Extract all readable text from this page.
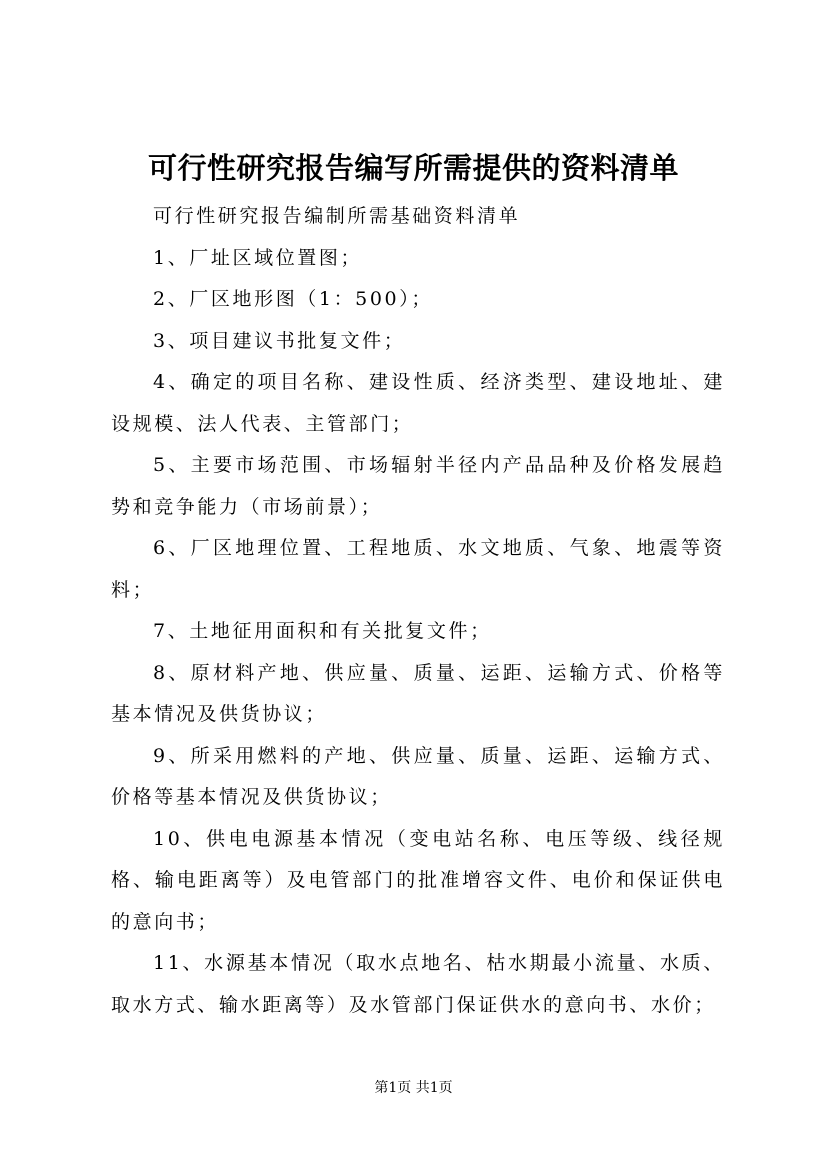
可行性研究报告编写所需提供的资料清单

可行性研究报告编制所需基础资料清单

1、厂址区域位置图；

2、厂区地形图（1：500）；

3、项目建议书批复文件；

4、确定的项目名称、建设性质、经济类型、建设地址、建设规模、法人代表、主管部门；

5、主要市场范围、市场辐射半径内产品品种及价格发展趋势和竞争能力（市场前景）；

6、厂区地理位置、工程地质、水文地质、气象、地震等资料；

7、土地征用面积和有关批复文件；

8、原材料产地、供应量、质量、运距、运输方式、价格等基本情况及供货协议；

9、所采用燃料的产地、供应量、质量、运距、运输方式、价格等基本情况及供货协议；

10、供电电源基本情况（变电站名称、电压等级、线径规格、输电距离等）及电管部门的批准增容文件、电价和保证供电的意向书；

11、水源基本情况（取水点地名、枯水期最小流量、水质、取水方式、输水距离等）及水管部门保证供水的意向书、水价；

第1页 共1页
